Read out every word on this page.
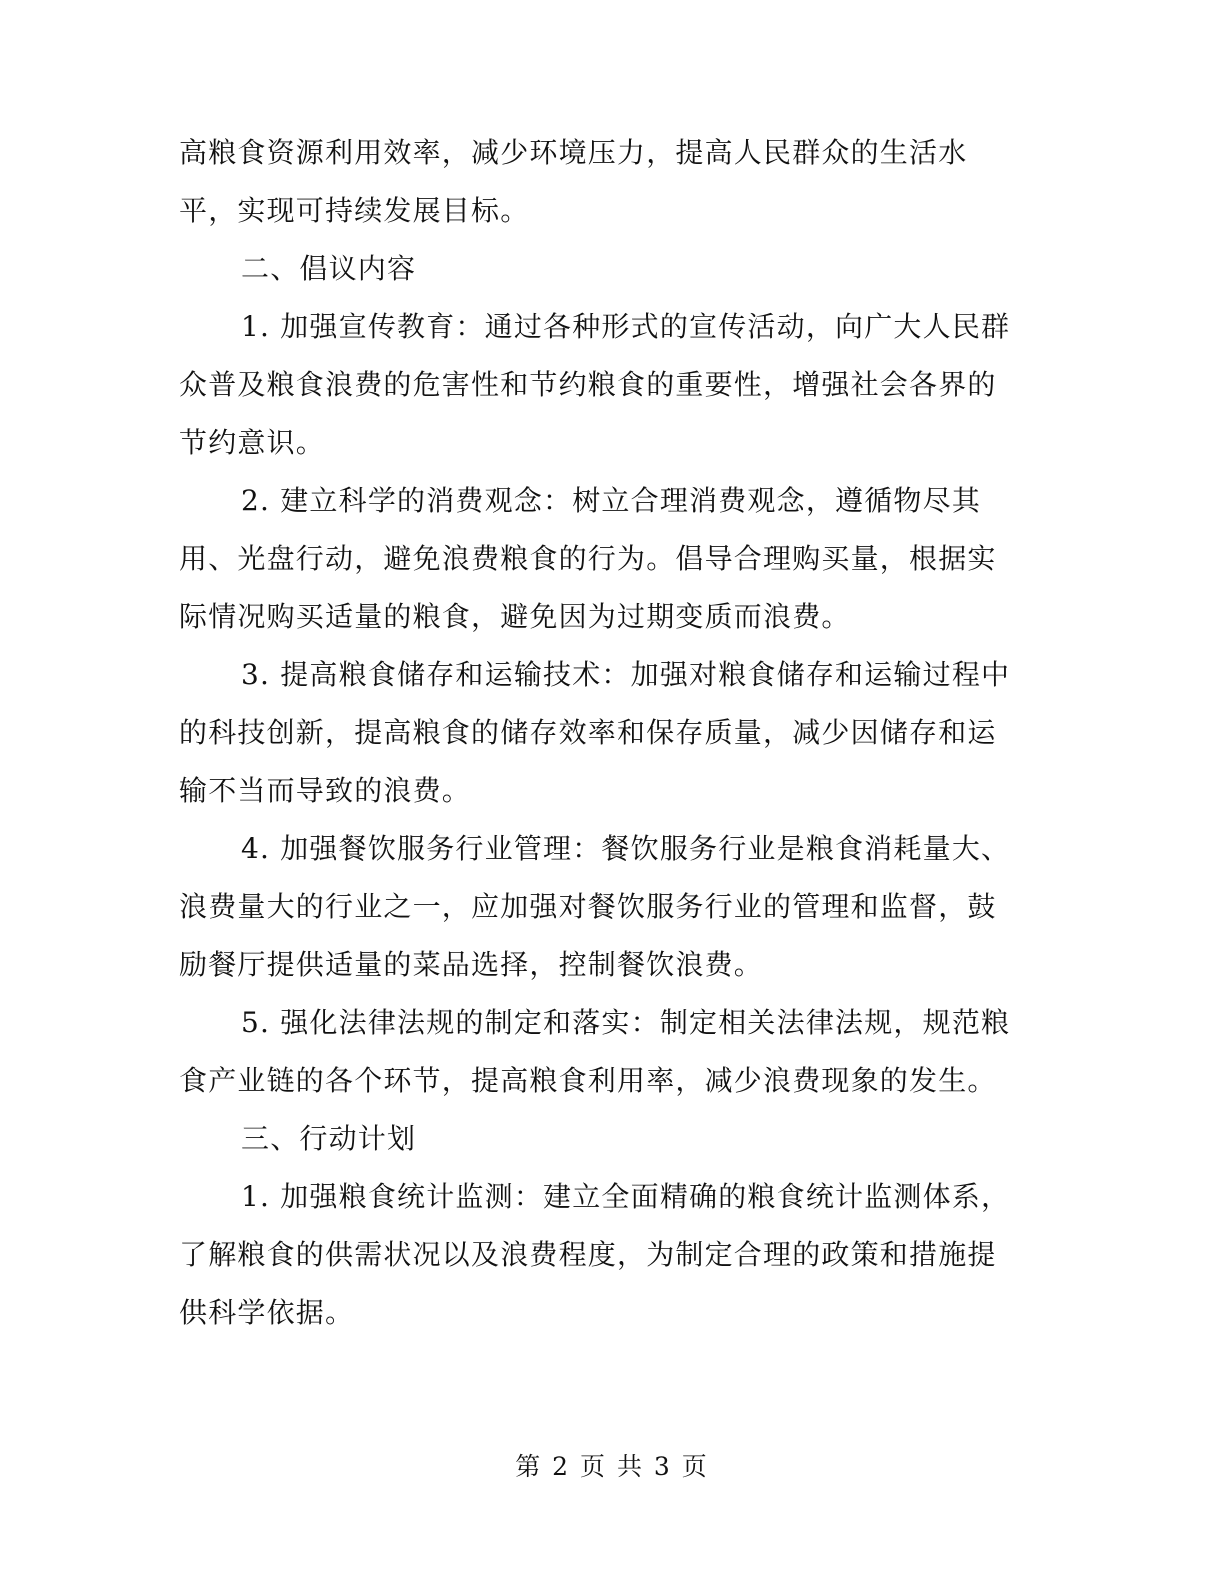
高粮食资源利用效率，减少环境压力，提高人民群众的生活水
平，实现可持续发展目标。
二、倡议内容
1. 加强宣传教育：通过各种形式的宣传活动，向广大人民群
众普及粮食浪费的危害性和节约粮食的重要性，增强社会各界的
节约意识。
2. 建立科学的消费观念：树立合理消费观念，遵循物尽其
用、光盘行动，避免浪费粮食的行为。倡导合理购买量，根据实
际情况购买适量的粮食，避免因为过期变质而浪费。
3. 提高粮食储存和运输技术：加强对粮食储存和运输过程中
的科技创新，提高粮食的储存效率和保存质量，减少因储存和运
输不当而导致的浪费。
4. 加强餐饮服务行业管理：餐饮服务行业是粮食消耗量大、
浪费量大的行业之一，应加强对餐饮服务行业的管理和监督，鼓
励餐厅提供适量的菜品选择，控制餐饮浪费。
5. 强化法律法规的制定和落实：制定相关法律法规，规范粮
食产业链的各个环节，提高粮食利用率，减少浪费现象的发生。
三、行动计划
1. 加强粮食统计监测：建立全面精确的粮食统计监测体系，
了解粮食的供需状况以及浪费程度，为制定合理的政策和措施提
供科学依据。
第 2 页 共 3 页
